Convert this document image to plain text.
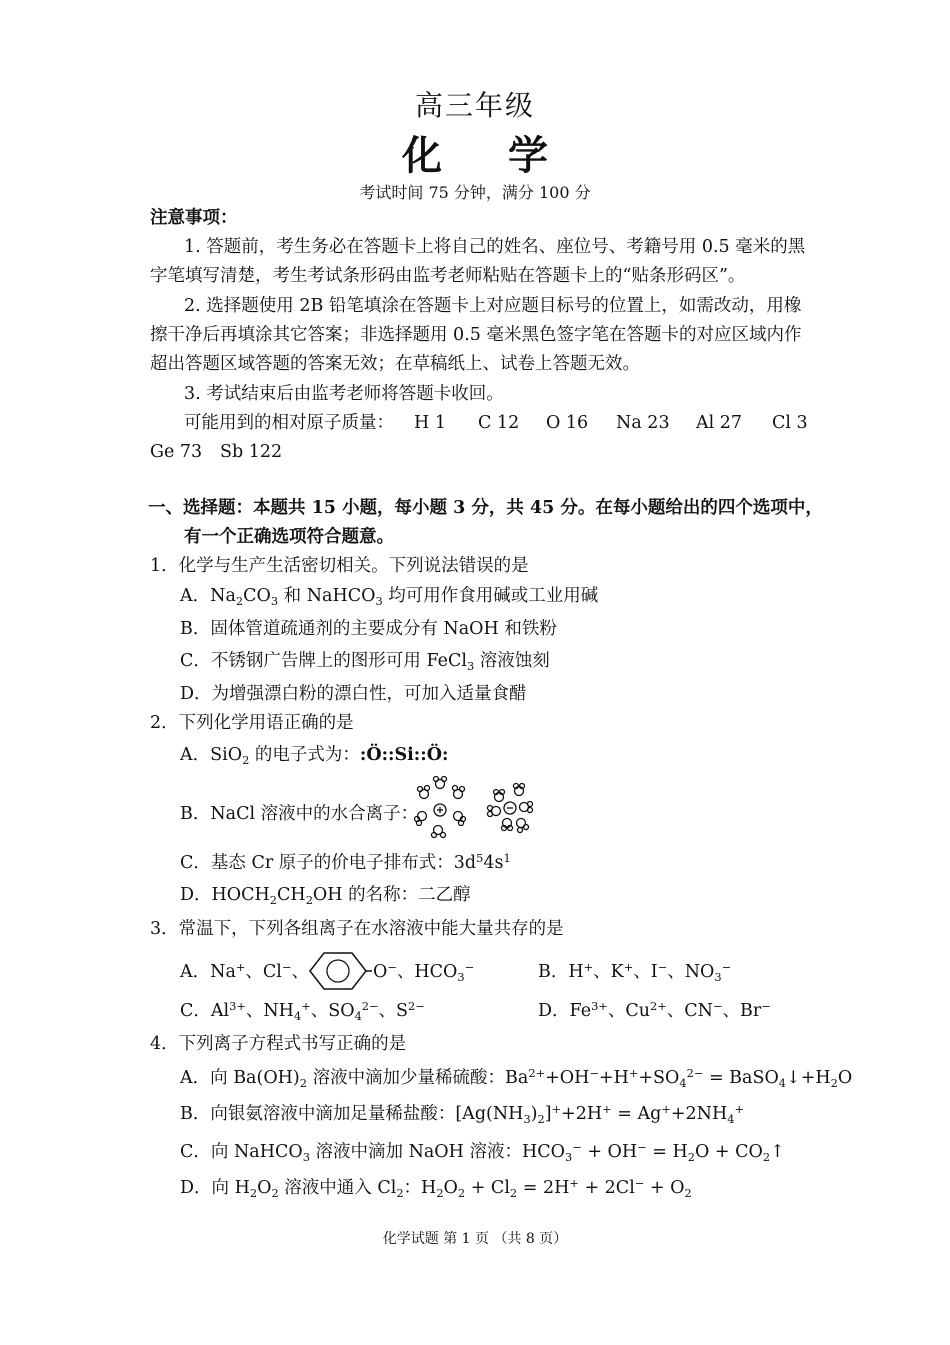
高三年级
化 学
考试时间 75 分钟，满分 100 分
注意事项：
1. 答题前，考生务必在答题卡上将自己的姓名、座位号、考籍号用 0.5 毫米的黑
字笔填写清楚，考生考试条形码由监考老师粘贴在答题卡上的“贴条形码区”。
2. 选择题使用 2B 铅笔填涂在答题卡上对应题目标号的位置上，如需改动，用橡
擦干净后再填涂其它答案；非选择题用 0.5 毫米黑色签字笔在答题卡的对应区域内作
超出答题区域答题的答案无效；在草稿纸上、试卷上答题无效。
3. 考试结束后由监考老师将答题卡收回。
可能用到的相对原子质量： H 1 C 12 O 16 Na 23 Al 27 Cl 3
Ge 73 Sb 122
一、选择题：本题共 15 小题，每小题 3 分，共 45 分。在每小题给出的四个选项中，
有一个正确选项符合题意。
1．化学与生产生活密切相关。下列说法错误的是
A．$Na_2CO_3$ 和 NaHCO$_3$ 均可用作食用碱或工业用碱
B．固体管道疏通剂的主要成分有 NaOH 和铁粉
C．不锈钢广告牌上的图形可用 FeCl$_3$ 溶液蚀刻
D．为增强漂白粉的漂白性，可加入适量食醋
2．下列化学用语正确的是
A．SiO$_2$ 的电子式为：:Ö::Si::Ö:
B．NaCl 溶液中的水合离子：
C．基态 Cr 原子的价电子排布式：$3d^54s^1$
D．$HOCH_2CH_2OH$ 的名称：二乙醇
3．常温下，下列各组离子在水溶液中能大量共存的是
A．Na+、Cl−、	O−、$HCO_3^-$	B．H+、K+、I−、$NO_3^-$
C．$Al^{3+}$、$NH_4^+$、$SO_4^{2-}$、$S^{2-}$	D．$Fe^{3+}$、$Cu^{2+}$、CN−、Br−
4．下列离子方程式书写正确的是
A．向 $Ba(OH)_2$ 溶液中滴加少量稀硫酸：$Ba^{2+}+OH^-+H^++SO_4^{2-}$ = $BaSO_4↓+H_2O$
B．向银氨溶液中滴加足量稀盐酸：$[Ag(NH_3)_2]^++2H^+ = Ag^++2NH_4^+$
C．向 NaHCO$_3$ 溶液中滴加 NaOH 溶液：$HCO_3^- + OH^- = H_2O$ + $CO_2↑$
D．向 $H_2O_2$ 溶液中通入 $Cl_2$：$H_2O_2 + Cl_2 = 2H^+ + 2Cl^- + O_2$
化学试题 第 1 页 （共 8 页）
